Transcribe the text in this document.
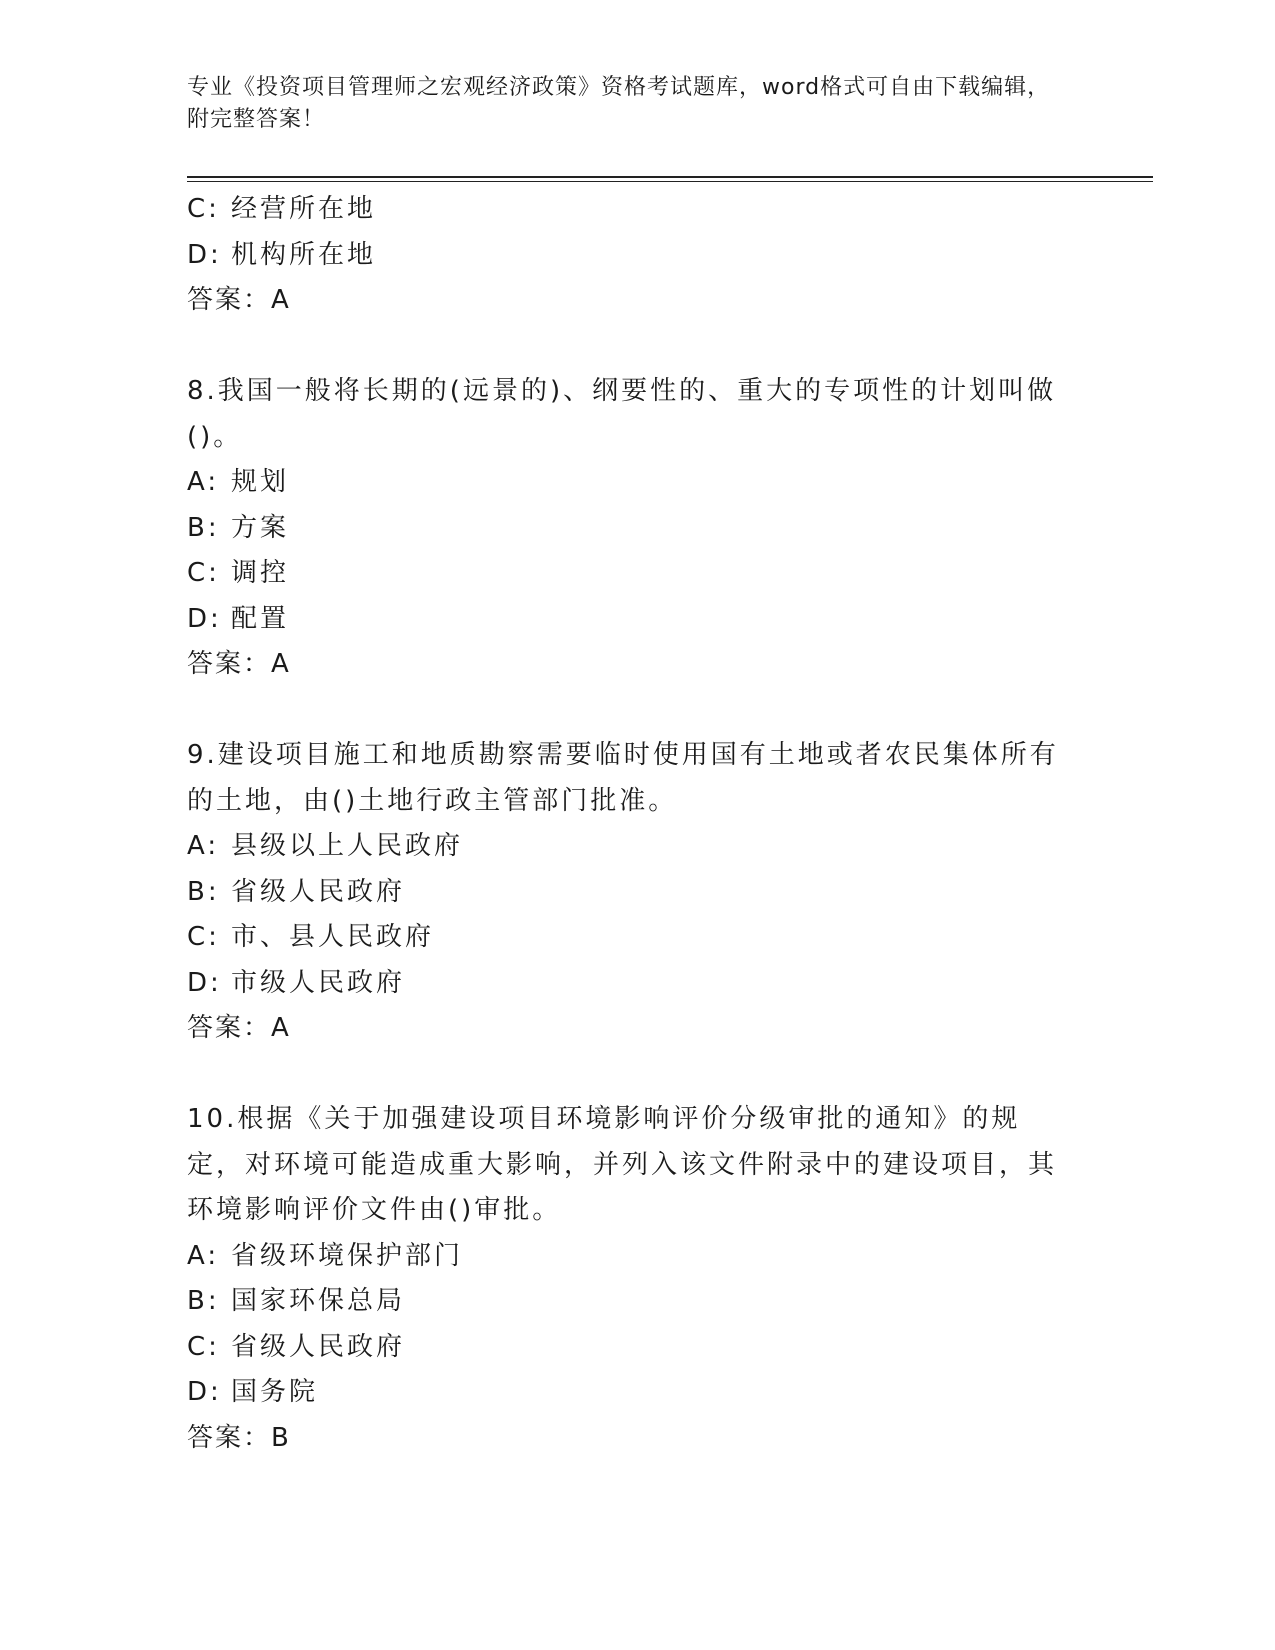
专业《投资项目管理师之宏观经济政策》资格考试题库，word格式可自由下载编辑，附完整答案！
C: 经营所在地
D: 机构所在地
答案：A
8.我国一般将长期的(远景的)、纲要性的、重大的专项性的计划叫做()。
A: 规划
B: 方案
C: 调控
D: 配置
答案：A
9.建设项目施工和地质勘察需要临时使用国有土地或者农民集体所有的土地，由()土地行政主管部门批准。
A: 县级以上人民政府
B: 省级人民政府
C: 市、县人民政府
D: 市级人民政府
答案：A
10.根据《关于加强建设项目环境影响评价分级审批的通知》的规定，对环境可能造成重大影响，并列入该文件附录中的建设项目，其环境影响评价文件由()审批。
A: 省级环境保护部门
B: 国家环保总局
C: 省级人民政府
D: 国务院
答案：B
